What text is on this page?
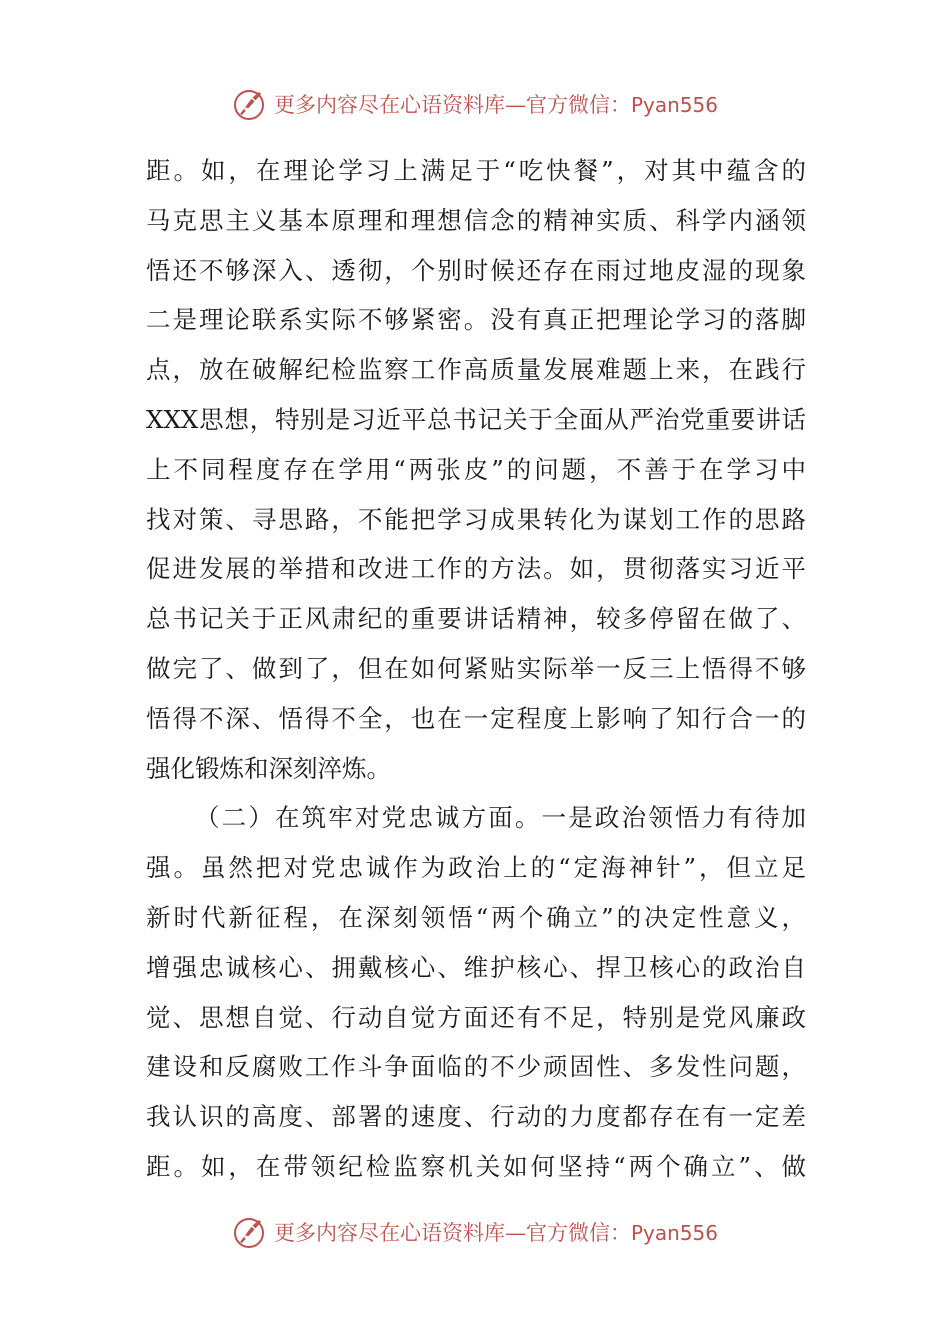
更多内容尽在心语资料库—官方微信：Pyan556
距。如，在理论学习上满足于“吃快餐”，对其中蕴含的
马克思主义基本原理和理想信念的精神实质、科学内涵领
悟还不够深入、透彻，个别时候还存在雨过地皮湿的现象
二是理论联系实际不够紧密。没有真正把理论学习的落脚
点，放在破解纪检监察工作高质量发展难题上来，在践行
XXX思想，特别是习近平总书记关于全面从严治党重要讲话
上不同程度存在学用“两张皮”的问题，不善于在学习中
找对策、寻思路，不能把学习成果转化为谋划工作的思路
促进发展的举措和改进工作的方法。如，贯彻落实习近平
总书记关于正风肃纪的重要讲话精神，较多停留在做了、
做完了、做到了，但在如何紧贴实际举一反三上悟得不够
悟得不深、悟得不全，也在一定程度上影响了知行合一的
强化锻炼和深刻淬炼。
（二）在筑牢对党忠诚方面。一是政治领悟力有待加
强。虽然把对党忠诚作为政治上的“定海神针”，但立足
新时代新征程，在深刻领悟“两个确立”的决定性意义，
增强忠诚核心、拥戴核心、维护核心、捍卫核心的政治自
觉、思想自觉、行动自觉方面还有不足，特别是党风廉政
建设和反腐败工作斗争面临的不少顽固性、多发性问题，
我认识的高度、部署的速度、行动的力度都存在有一定差
距。如，在带领纪检监察机关如何坚持“两个确立”、做
更多内容尽在心语资料库—官方微信：Pyan556
